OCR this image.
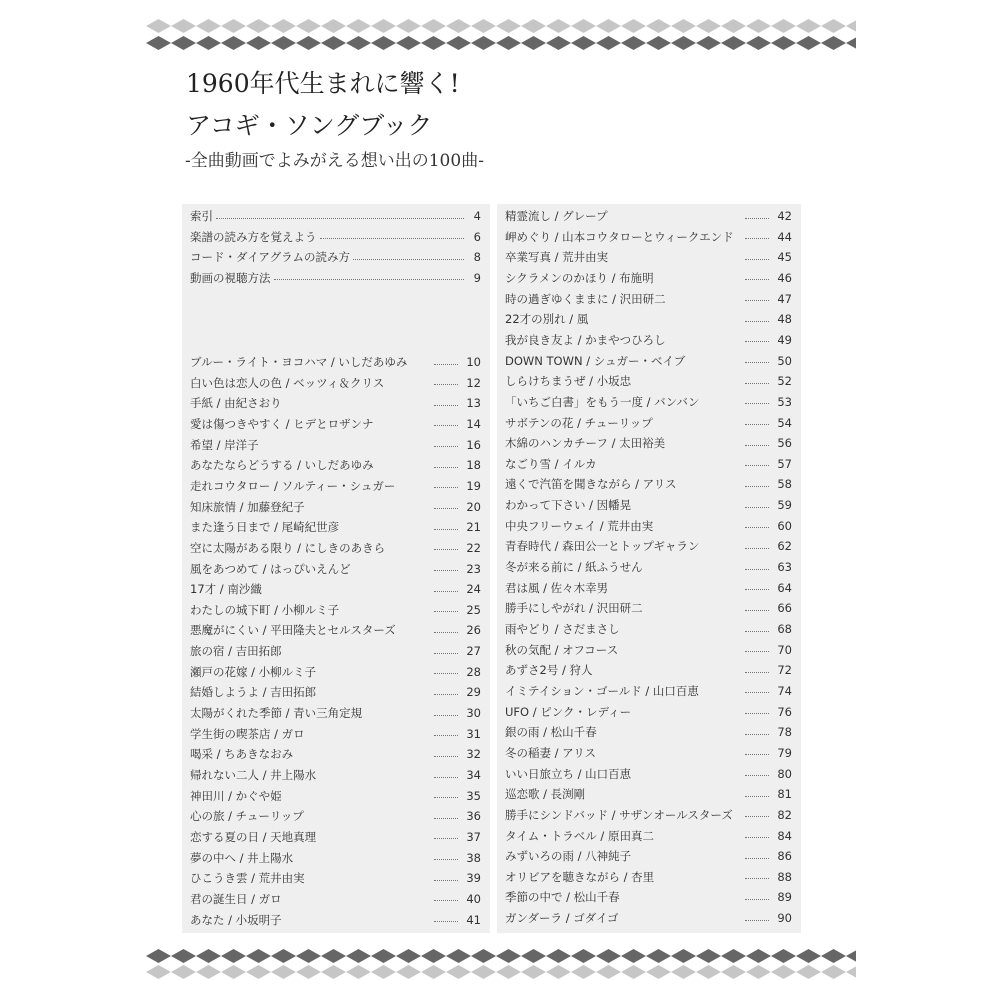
1960年代生まれに響く!
アコギ・ソングブック
-全曲動画でよみがえる想い出の100曲-
索引	4
楽譜の読み方を覚えよう	6
コード・ダイアグラムの読み方	8
動画の視聴方法	9
ブルー・ライト・ヨコハマ / いしだあゆみ	10
白い色は恋人の色 / ベッツィ＆クリス	12
手紙 / 由紀さおり	13
愛は傷つきやすく / ヒデとロザンナ	14
希望 / 岸洋子	16
あなたならどうする / いしだあゆみ	18
走れコウタロー / ソルティー・シュガー	19
知床旅情 / 加藤登紀子	20
また逢う日まで / 尾崎紀世彦	21
空に太陽がある限り / にしきのあきら	22
風をあつめて / はっぴいえんど	23
17才 / 南沙織	24
わたしの城下町 / 小柳ルミ子	25
悪魔がにくい / 平田隆夫とセルスターズ	26
旅の宿 / 吉田拓郎	27
瀬戸の花嫁 / 小柳ルミ子	28
結婚しようよ / 吉田拓郎	29
太陽がくれた季節 / 青い三角定規	30
学生街の喫茶店 / ガロ	31
喝采 / ちあきなおみ	32
帰れない二人 / 井上陽水	34
神田川 / かぐや姫	35
心の旅 / チューリップ	36
恋する夏の日 / 天地真理	37
夢の中へ / 井上陽水	38
ひこうき雲 / 荒井由実	39
君の誕生日 / ガロ	40
あなた / 小坂明子	41
精霊流し / グレープ	42
岬めぐり / 山本コウタローとウィークエンド	44
卒業写真 / 荒井由実	45
シクラメンのかほり / 布施明	46
時の過ぎゆくままに / 沢田研二	47
22才の別れ / 風	48
我が良き友よ / かまやつひろし	49
DOWN TOWN / シュガー・ベイブ	50
しらけちまうぜ / 小坂忠	52
「いちご白書」をもう一度 / バンバン	53
サボテンの花 / チューリップ	54
木綿のハンカチーフ / 太田裕美	56
なごり雪 / イルカ	57
遠くで汽笛を聞きながら / アリス	58
わかって下さい / 因幡晃	59
中央フリーウェイ / 荒井由実	60
青春時代 / 森田公一とトップギャラン	62
冬が来る前に / 紙ふうせん	63
君は風 / 佐々木幸男	64
勝手にしやがれ / 沢田研二	66
雨やどり / さだまさし	68
秋の気配 / オフコース	70
あずさ2号 / 狩人	72
イミテイション・ゴールド / 山口百恵	74
UFO / ピンク・レディー	76
銀の雨 / 松山千春	78
冬の稲妻 / アリス	79
いい日旅立ち / 山口百恵	80
巡恋歌 / 長渕剛	81
勝手にシンドバッド / サザンオールスターズ	82
タイム・トラベル / 原田真二	84
みずいろの雨 / 八神純子	86
オリビアを聴きながら / 杏里	88
季節の中で / 松山千春	89
ガンダーラ / ゴダイゴ	90
